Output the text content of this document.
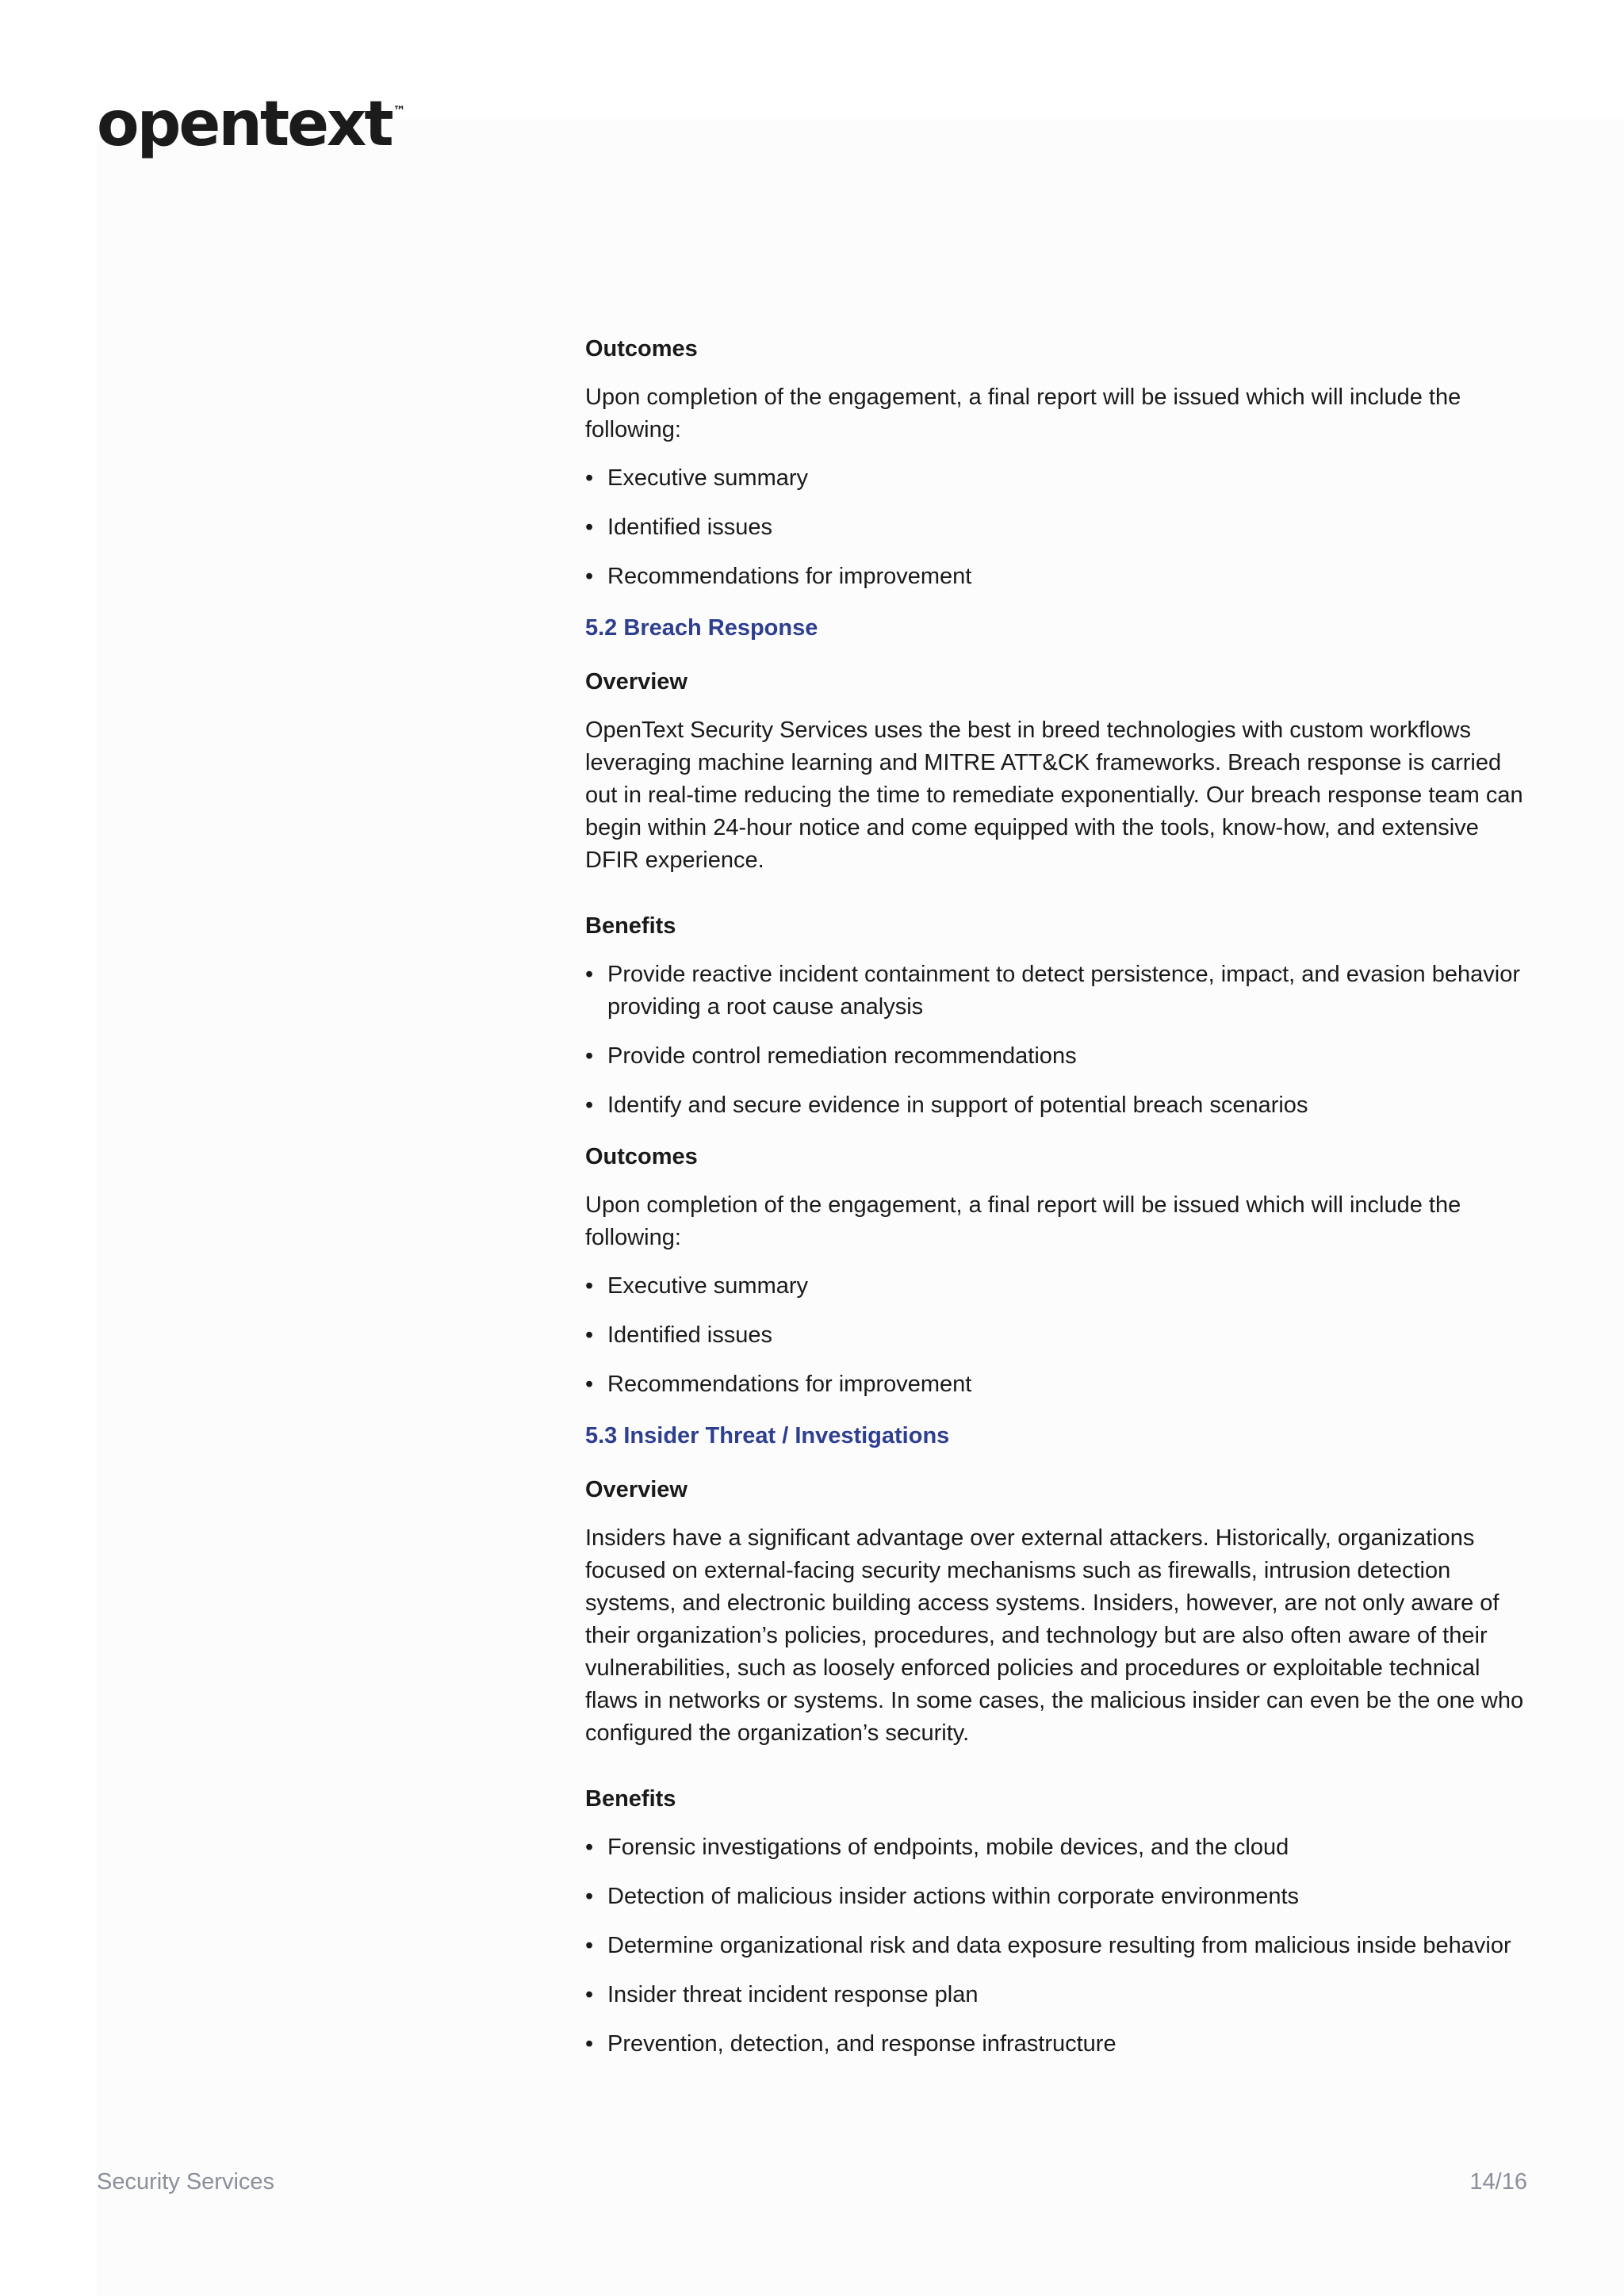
opentext ™
Outcomes

Upon completion of the engagement, a final report will be issued which will include the following:

• Executive summary
• Identified issues
• Recommendations for improvement
5.2 Breach Response
Overview

OpenText Security Services uses the best in breed technologies with custom workflows leveraging machine learning and MITRE ATT&CK frameworks. Breach response is carried out in real-time reducing the time to remediate exponentially. Our breach response team can begin within 24-hour notice and come equipped with the tools, know-how, and extensive DFIR experience.

Benefits
• Provide reactive incident containment to detect persistence, impact, and evasion behavior providing a root cause analysis
• Provide control remediation recommendations
• Identify and secure evidence in support of potential breach scenarios
Outcomes

Upon completion of the engagement, a final report will be issued which will include the following:

• Executive summary
• Identified issues
• Recommendations for improvement
5.3 Insider Threat / Investigations
Overview

Insiders have a significant advantage over external attackers. Historically, organizations focused on external-facing security mechanisms such as firewalls, intrusion detection systems, and electronic building access systems. Insiders, however, are not only aware of their organization’s policies, procedures, and technology but are also often aware of their vulnerabilities, such as loosely enforced policies and procedures or exploitable technical flaws in networks or systems. In some cases, the malicious insider can even be the one who configured the organization’s security.

Benefits
• Forensic investigations of endpoints, mobile devices, and the cloud
• Detection of malicious insider actions within corporate environments
• Determine organizational risk and data exposure resulting from malicious inside behavior
• Insider threat incident response plan
• Prevention, detection, and response infrastructure
Security Services	14/16
